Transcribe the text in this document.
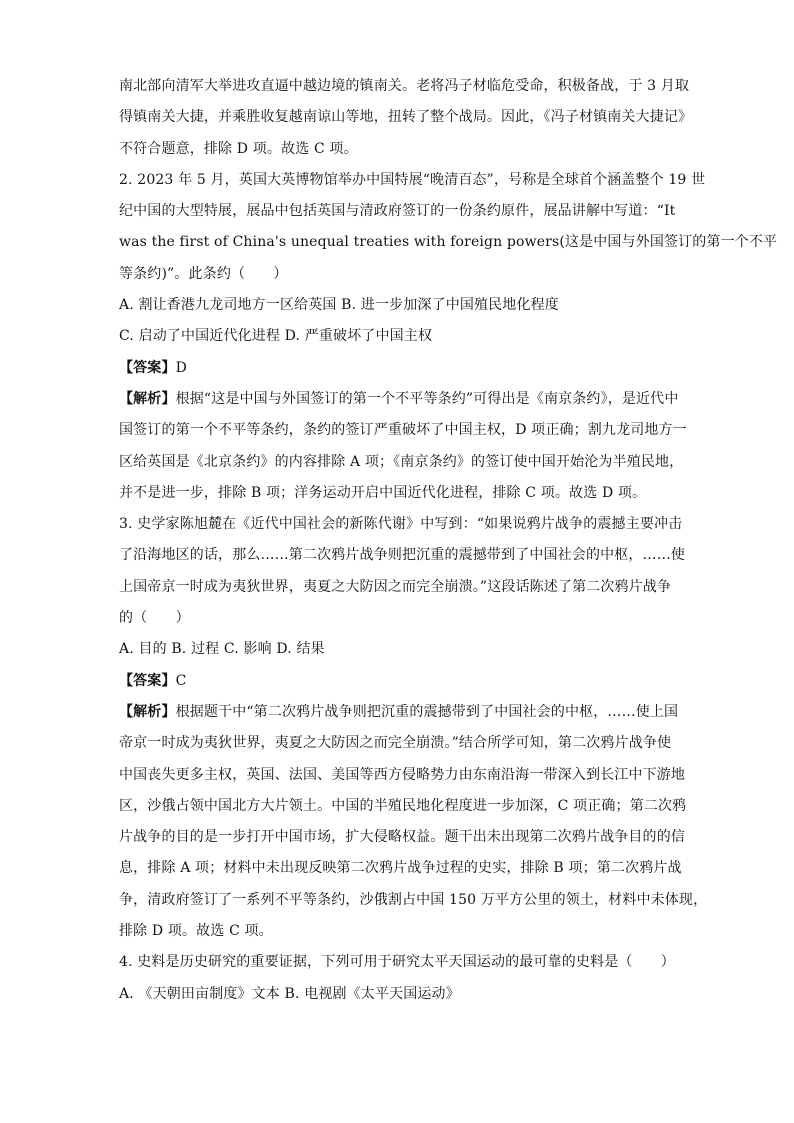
南北部向清军大举进攻直逼中越边境的镇南关。老将冯子材临危受命，积极备战，于 3 月取
得镇南关大捷，并乘胜收复越南谅山等地，扭转了整个战局。因此，《冯子材镇南关大捷记》
不符合题意，排除 D 项。故选 C 项。
2. 2023 年 5 月，英国大英博物馆举办中国特展“晚清百态”，号称是全球首个涵盖整个 19 世
纪中国的大型特展，展品中包括英国与清政府签订的一份条约原件，展品讲解中写道：“It
was the first of China's unequal treaties with foreign powers(这是中国与外国签订的第一个不平
等条约)”。此条约（　　）
A. 割让香港九龙司地方一区给英国 B. 进一步加深了中国殖民地化程度
C. 启动了中国近代化进程 D. 严重破坏了中国主权
【答案】D
【解析】根据“这是中国与外国签订的第一个不平等条约”可得出是《南京条约》，是近代中
国签订的第一个不平等条约，条约的签订严重破坏了中国主权，D 项正确；割九龙司地方一
区给英国是《北京条约》的内容排除 A 项；《南京条约》的签订使中国开始沦为半殖民地，
并不是进一步，排除 B 项；洋务运动开启中国近代化进程，排除 C 项。故选 D 项。
3. 史学家陈旭麓在《近代中国社会的新陈代谢》中写到：“如果说鸦片战争的震撼主要冲击
了沿海地区的话，那么……第二次鸦片战争则把沉重的震撼带到了中国社会的中枢，……使
上国帝京一时成为夷狄世界，夷夏之大防因之而完全崩溃。”这段话陈述了第二次鸦片战争
的（　　）
A. 目的 B. 过程 C. 影响 D. 结果
【答案】C
【解析】根据题干中“第二次鸦片战争则把沉重的震撼带到了中国社会的中枢，……使上国
帝京一时成为夷狄世界，夷夏之大防因之而完全崩溃。”结合所学可知，第二次鸦片战争使
中国丧失更多主权，英国、法国、美国等西方侵略势力由东南沿海一带深入到长江中下游地
区，沙俄占领中国北方大片领土。中国的半殖民地化程度进一步加深，C 项正确；第二次鸦
片战争的目的是一步打开中国市场，扩大侵略权益。题干出未出现第二次鸦片战争目的的信
息，排除 A 项；材料中未出现反映第二次鸦片战争过程的史实，排除 B 项；第二次鸦片战
争，清政府签订了一系列不平等条约，沙俄割占中国 150 万平方公里的领土，材料中未体现，
排除 D 项。故选 C 项。
4. 史料是历史研究的重要证据，下列可用于研究太平天国运动的最可靠的史料是（　　）
A. 《天朝田亩制度》文本 B. 电视剧《太平天国运动》
